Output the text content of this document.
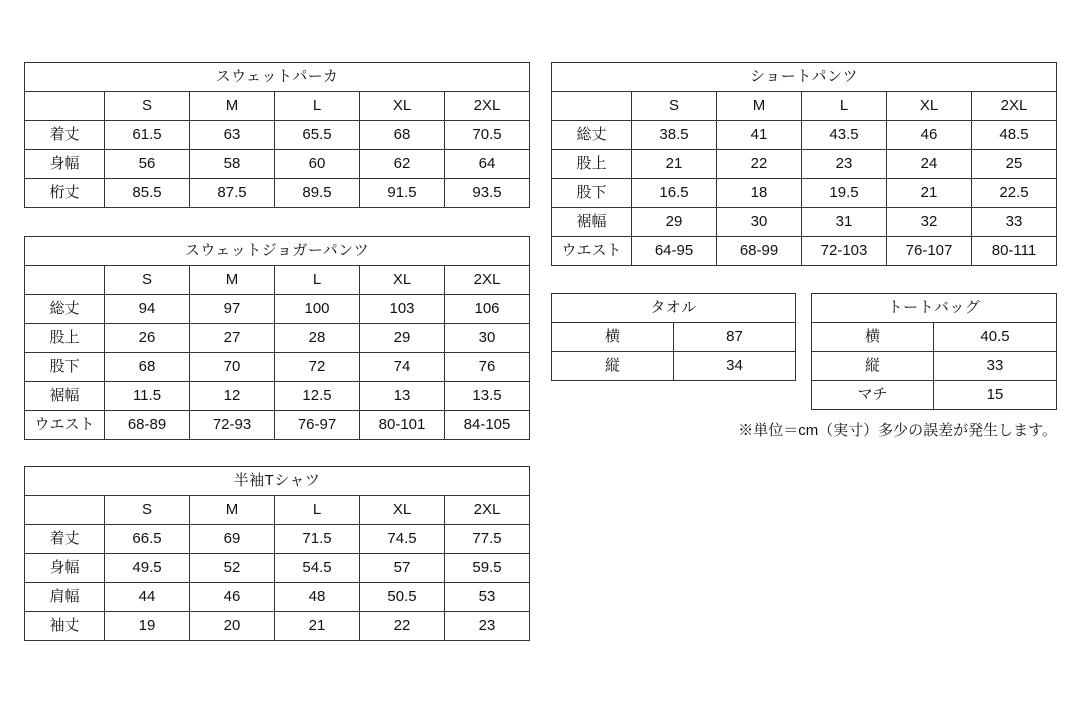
スウェットパーカ					
	S	M	L	XL	2XL
着丈	61.5	63	65.5	68	70.5
身幅	56	58	60	62	64
桁丈	85.5	87.5	89.5	91.5	93.5
スウェットジョガーパンツ					
	S	M	L	XL	2XL
総丈	94	97	100	103	106
股上	26	27	28	29	30
股下	68	70	72	74	76
裾幅	11.5	12	12.5	13	13.5
ウエスト	68-89	72-93	76-97	80-101	84-105
半袖Tシャツ					
	S	M	L	XL	2XL
着丈	66.5	69	71.5	74.5	77.5
身幅	49.5	52	54.5	57	59.5
肩幅	44	46	48	50.5	53
袖丈	19	20	21	22	23
ショートパンツ					
	S	M	L	XL	2XL
総丈	38.5	41	43.5	46	48.5
股上	21	22	23	24	25
股下	16.5	18	19.5	21	22.5
裾幅	29	30	31	32	33
ウエスト	64-95	68-99	72-103	76-107	80-111
タオル	
横	87
縦	34
トートバッグ	
横	40.5
縦	33
マチ	15
※単位＝cm（実寸）多少の誤差が発生します。
